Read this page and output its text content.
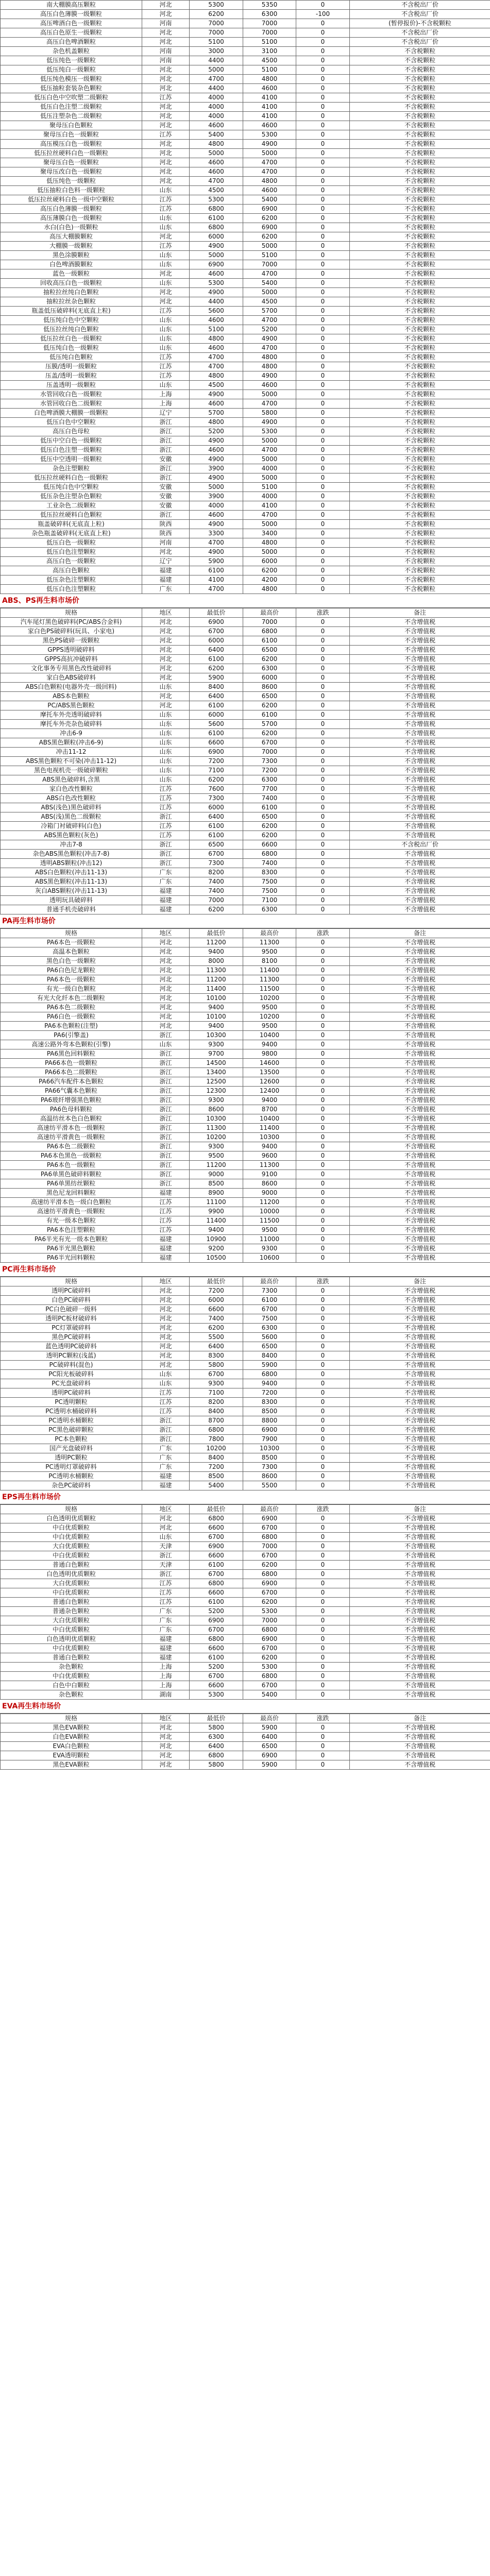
南大棚膜高压颗粒	河北	5300	5350	0	不含税出厂价
高压白色薄膜一级颗粒	河北	6200	6300	-100	不含税出厂价
高压啤酒白色一级颗粒	河南	7000	7000	0	(暂停报价)-不含税颗粒
高压白色原生一级颗粒	河北	7000	7000	0	不含税出厂价
高压白色啤酒颗粒	河北	5100	5100	0	不含税出厂价
杂色机盖颗粒	河南	3000	3100	0	不含税颗粒
低压纯色一级颗粒	河南	4400	4500	0	不含税颗粒
低压纯白一级颗粒	河北	5000	5100	0	不含税颗粒
低压纯色模压一级颗粒	河北	4700	4800	0	不含税颗粒
低压抽粒套装杂色颗粒	河北	4400	4600	0	不含税颗粒
低压白色中空吹塑二级颗粒	江苏	4000	4100	0	不含税颗粒
低压白色注塑二级颗粒	河北	4000	4100	0	不含税颗粒
低压注塑杂色二级颗粒	河北	4000	4100	0	不含税颗粒
聚母压白色颗粒	河北	4600	4600	0	不含税颗粒
聚母压白色一级颗粒	江苏	5400	5300	0	不含税颗粒
高压模压白色一级颗粒	河北	4800	4900	0	不含税颗粒
低压拉丝硬料白色一级颗粒	河北	5000	5000	0	不含税颗粒
聚母压白色一级颗粒	河北	4600	4700	0	不含税颗粒
聚母压改白色一级颗粒	河北	4600	4700	0	不含税颗粒
低压纯色一级颗粒	河北	4700	4800	0	不含税颗粒
低压抽粒白色料一级颗粒	山东	4500	4600	0	不含税颗粒
低压拉丝硬料白色一级中空颗粒	江苏	5300	5400	0	不含税颗粒
高压白色薄膜一级颗粒	江苏	6800	6900	0	不含税颗粒
高压薄膜白色一级颗粒	山东	6100	6200	0	不含税颗粒
水白(白色)一级颗粒	山东	6800	6900	0	不含税颗粒
高压大棚膜颗粒	河北	6000	6200	0	不含税颗粒
大棚膜一级颗粒	江苏	4900	5000	0	不含税颗粒
黑色涂膜颗粒	山东	5000	5100	0	不含税颗粒
白色啤酒膜颗粒	山东	6900	7000	0	不含税颗粒
蓝色一级颗粒	河北	4600	4700	0	不含税颗粒
回收高压白色一级颗粒	山东	5300	5400	0	不含税颗粒
抽粒拉丝纯白色颗粒	河北	4900	5000	0	不含税颗粒
抽粒拉丝杂色颗粒	河北	4400	4500	0	不含税颗粒
瓶盖低压破碎料(无底直上粒)	江苏	5600	5700	0	不含税颗粒
低压纯白色中空颗粒	山东	4600	4700	0	不含税颗粒
低压拉丝纯白色颗粒	山东	5100	5200	0	不含税颗粒
低压拉丝白色一级颗粒	山东	4800	4900	0	不含税颗粒
低压纯白色一级颗粒	山东	4600	4700	0	不含税颗粒
低压纯白色颗粒	江苏	4700	4800	0	不含税颗粒
压膜/透明一级颗粒	江苏	4700	4800	0	不含税颗粒
压盖/透明一级颗粒	江苏	4800	4900	0	不含税颗粒
压盖透明一级颗粒	山东	4500	4600	0	不含税颗粒
水管回收白色一级颗粒	上海	4900	5000	0	不含税颗粒
水管回收白色二级颗粒	上海	4600	4700	0	不含税颗粒
白色啤酒膜大棚膜一级颗粒	辽宁	5700	5800	0	不含税颗粒
低压白色中空颗粒	浙江	4800	4900	0	不含税颗粒
高压白色母粒	浙江	5200	5300	0	不含税颗粒
低压中空白色一级颗粒	浙江	4900	5000	0	不含税颗粒
低压白色注塑一级颗粒	浙江	4600	4700	0	不含税颗粒
低压中空透明一级颗粒	安徽	4900	5000	0	不含税颗粒
杂色注塑颗粒	浙江	3900	4000	0	不含税颗粒
低压拉丝硬料白色一级颗粒	浙江	4900	5000	0	不含税颗粒
低压纯白色中空颗粒	安徽	5000	5100	0	不含税颗粒
低压杂色注塑杂色颗粒	安徽	3900	4000	0	不含税颗粒
工业杂色二级颗粒	安徽	4000	4100	0	不含税颗粒
低压拉丝硬料白色颗粒	浙江	4600	4700	0	不含税颗粒
瓶盖破碎料(无底直上粒)	陕西	4900	5000	0	不含税颗粒
杂色瓶盖破碎料(无底直上粒)	陕西	3300	3400	0	不含税颗粒
低压白色一级颗粒	河南	4700	4800	0	不含税颗粒
低压白色注塑颗粒	河北	4900	5000	0	不含税颗粒
高压白色一级颗粒	辽宁	5900	6000	0	不含税颗粒
高压白色颗粒	福建	6100	6200	0	不含税颗粒
低压杂色注塑颗粒	福建	4100	4200	0	不含税颗粒
低压白色注塑颗粒	广东	4700	4800	0	不含税颗粒
ABS、PS再生料市场价
规格	地区	最低价	最高价	涨跌	备注
汽车尾灯黑色破碎料(PC/ABS合金料)	河北	6900	7000	0	不含增值税
家白色PS破碎料(玩具、小家电)	河北	6700	6800	0	不含增值税
黑色PS破碎一级颗粒	河北	6000	6100	0	不含增值税
GPPS透明破碎料	河北	6400	6500	0	不含增值税
GPPS高抗冲破碎料	河北	6100	6200	0	不含增值税
文化事务专用黑色改性破碎料	河北	6200	6300	0	不含增值税
家白色ABS破碎料	河北	5900	6000	0	不含增值税
ABS白色颗粒(电器外壳一级回料)	山东	8400	8600	0	不含增值税
ABS本色颗粒	河北	6400	6500	0	不含增值税
PC/ABS黑色颗粒	河北	6100	6200	0	不含增值税
摩托车外壳透明破碎料	山东	6000	6100	0	不含增值税
摩托车外壳杂色破碎料	山东	5600	5700	0	不含增值税
冲击6-9	山东	6100	6200	0	不含增值税
ABS黑色颗粒(冲击6-9)	山东	6600	6700	0	不含增值税
冲击11-12	山东	6900	7000	0	不含增值税
ABS黑色颗粒不可染(冲击11-12)	山东	7200	7300	0	不含增值税
黑色电视机壳一级破碎颗粒	山东	7100	7200	0	不含增值税
ABS黑色破碎料,含黑	山东	6200	6300	0	不含增值税
家白色改性颗粒	江苏	7600	7700	0	不含增值税
ABS白色改性颗粒	江苏	7300	7400	0	不含增值税
ABS(浅色)黑色破碎料	江苏	6000	6100	0	不含增值税
ABS(浅)黑色二级颗粒	浙江	6400	6500	0	不含增值税
冷箱门衬破碎料(白色)	江苏	6100	6200	0	不含增值税
ABS黑色颗粒(灰色)	江苏	6100	6200	0	不含增值税
冲击7-8	浙江	6500	6600	0	不含税出厂价
杂色ABS黑色颗粒(冲击7-8)	浙江	6700	6800	0	不含增值税
透明ABS颗粒(冲击12)	浙江	7300	7400	0	不含增值税
ABS白色颗粒(冲击11-13)	广东	8200	8300	0	不含增值税
ABS黑色颗粒(冲击11-13)	广东	7400	7500	0	不含增值税
灰白ABS颗粒(冲击11-13)	福建	7400	7500	0	不含增值税
透明玩具破碎料	福建	7000	7100	0	不含增值税
普通手机壳破碎料	福建	6200	6300	0	不含增值税
PA再生料市场价
规格	地区	最低价	最高价	涨跌	备注
PA6本色一级颗粒	河北	11200	11300	0	不含增值税
高温本色颗粒	河北	9400	9500	0	不含增值税
黑色白色一级颗粒	河北	8000	8100	0	不含增值税
PA6白色尼龙颗粒	河北	11300	11400	0	不含增值税
PA6本色一级颗粒	河北	11200	11300	0	不含增值税
有光一级白色颗粒	河北	11400	11500	0	不含增值税
有光大化纤本色二级颗粒	河北	10100	10200	0	不含增值税
PA6本色二级颗粒	河北	9400	9500	0	不含增值税
PA6白色一级颗粒	河北	10100	10200	0	不含增值税
PA6本色颗粒(注塑)	河北	9400	9500	0	不含增值税
PA6(引擎盖)	浙江	10300	10400	0	不含增值税
高速公路外弯本色颗粒(引擎)	山东	9300	9400	0	不含增值税
PA6黑色回料颗粒	浙江	9700	9800	0	不含增值税
PA66本色一级颗粒	浙江	14500	14600	0	不含增值税
PA66本色二级颗粒	浙江	13400	13500	0	不含增值税
PA66汽车配件本色颗粒	浙江	12500	12600	0	不含增值税
PA66气囊本色颗粒	浙江	12300	12400	0	不含增值税
PA6玻纤增强黑色颗粒	浙江	9300	9400	0	不含增值税
PA6色母料颗粒	浙江	8600	8700	0	不含增值税
高温纺丝本色白色颗粒	浙江	10300	10400	0	不含增值税
高速纺平滑本色一级颗粒	浙江	11300	11400	0	不含增值税
高速纺平滑黄色一级颗粒	浙江	10200	10300	0	不含增值税
PA6本色二级颗粒	浙江	9300	9400	0	不含增值税
PA6本色黑色一级颗粒	浙江	9500	9600	0	不含增值税
PA6本色一级颗粒	浙江	11200	11300	0	不含增值税
PA6单黑色破碎料颗粒	浙江	9000	9100	0	不含增值税
PA6单黑纺丝颗粒	浙江	8500	8600	0	不含增值税
黑色尼龙回料颗粒	福建	8900	9000	0	不含增值税
高速纺平滑本色一级白色颗粒	江苏	11100	11200	0	不含增值税
高速纺平滑黄色一级颗粒	江苏	9900	10000	0	不含增值税
有光一级本色颗粒	江苏	11400	11500	0	不含增值税
PA6本色注塑颗粒	江苏	9400	9500	0	不含增值税
PA6半光有光一级本色颗粒	福建	10900	11000	0	不含增值税
PA6半光黑色颗粒	福建	9200	9300	0	不含增值税
PA6半光回料颗粒	福建	10500	10600	0	不含增值税
PC再生料市场价
规格	地区	最低价	最高价	涨跌	备注
透明PC破碎料	河北	7200	7300	0	不含增值税
白色PC破碎料	河北	6000	6100	0	不含增值税
PC白色破碎一级料	河北	6600	6700	0	不含增值税
透明PC板材破碎料	河北	7400	7500	0	不含增值税
PC灯罩破碎料	河北	6200	6300	0	不含增值税
黑色PC破碎料	河北	5500	5600	0	不含增值税
蓝色透明PC破碎料	河北	6400	6500	0	不含增值税
透明PC颗粒(浅蓝)	河北	8300	8400	0	不含增值税
PC破碎料(混色)	河北	5800	5900	0	不含增值税
PC阳光板破碎料	山东	6700	6800	0	不含增值税
PC光盘破碎料	山东	9300	9400	0	不含增值税
透明PC破碎料	江苏	7100	7200	0	不含增值税
PC透明颗粒	江苏	8200	8300	0	不含增值税
PC透明水桶破碎料	江苏	8400	8500	0	不含增值税
PC透明水桶颗粒	浙江	8700	8800	0	不含增值税
PC黑色破碎颗粒	浙江	6800	6900	0	不含增值税
PC本色颗粒	浙江	7800	7900	0	不含增值税
国产光盘破碎料	广东	10200	10300	0	不含增值税
透明PC颗粒	广东	8400	8500	0	不含增值税
PC透明灯罩破碎料	广东	7200	7300	0	不含增值税
PC透明水桶颗粒	福建	8500	8600	0	不含增值税
杂色PC破碎料	福建	5400	5500	0	不含增值税
EPS再生料市场价
规格	地区	最低价	最高价	涨跌	备注
白色透明优质颗粒	河北	6800	6900	0	不含增值税
中白优质颗粒	河北	6600	6700	0	不含增值税
中白优质颗粒	山东	6700	6800	0	不含增值税
大白优质颗粒	天津	6900	7000	0	不含增值税
中白优质颗粒	浙江	6600	6700	0	不含增值税
普通白色颗粒	天津	6100	6200	0	不含增值税
白色透明优质颗粒	浙江	6700	6800	0	不含增值税
大白优质颗粒	江苏	6800	6900	0	不含增值税
中白优质颗粒	江苏	6600	6700	0	不含增值税
普通白色颗粒	江苏	6100	6200	0	不含增值税
普通杂色颗粒	广东	5200	5300	0	不含增值税
大白优质颗粒	广东	6900	7000	0	不含增值税
中白优质颗粒	广东	6700	6800	0	不含增值税
白色透明优质颗粒	福建	6800	6900	0	不含增值税
中白优质颗粒	福建	6600	6700	0	不含增值税
普通白色颗粒	福建	6100	6200	0	不含增值税
杂色颗粒	上海	5200	5300	0	不含增值税
中白优质颗粒	上海	6700	6800	0	不含增值税
白色中白颗粒	上海	6600	6700	0	不含增值税
杂色颗粒	湖南	5300	5400	0	不含增值税
EVA再生料市场价
规格	地区	最低价	最高价	涨跌	备注
黑色EVA颗粒	河北	5800	5900	0	不含增值税
白色EVA颗粒	河北	6300	6400	0	不含增值税
EVA白色颗粒	河北	6400	6500	0	不含增值税
EVA透明颗粒	河北	6800	6900	0	不含增值税
黑色EVA颗粒	河北	5800	5900	0	不含增值税
